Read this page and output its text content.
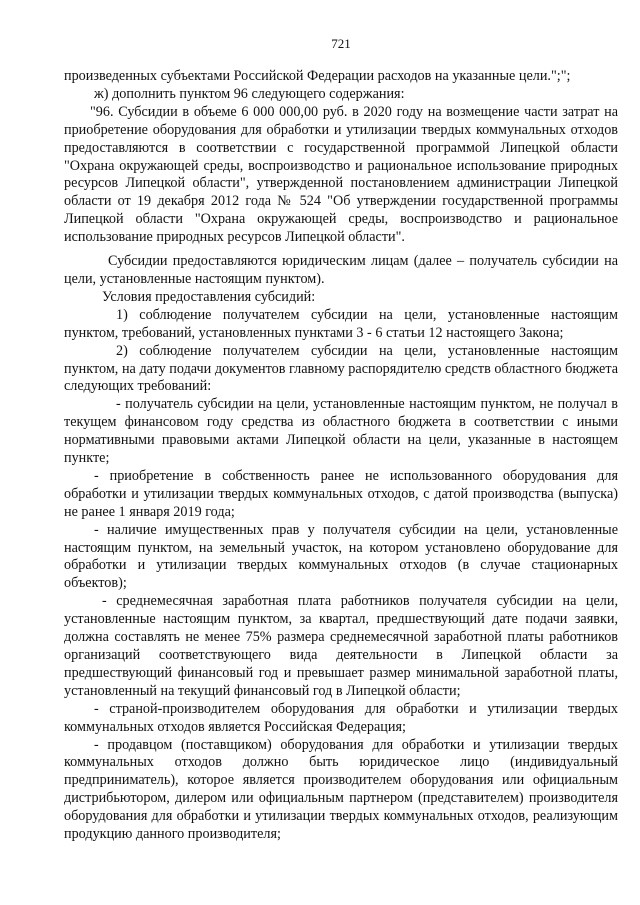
721

произведенных субъектами Российской Федерации расходов на указанные цели.";";

ж) дополнить пунктом 96 следующего содержания:

"96. Субсидии в объеме 6 000 000,00 руб. в 2020 году на возмещение части затрат на приобретение оборудования для обработки и утилизации твердых коммунальных отходов предоставляются в соответствии с государственной программой Липецкой области "Охрана окружающей среды, воспроизводство и рациональное использование природных ресурсов Липецкой области", утвержденной постановлением администрации Липецкой области от 19 декабря 2012 года № 524 "Об утверждении государственной программы Липецкой области "Охрана окружающей среды, воспроизводство и рациональное использование природных ресурсов Липецкой области".

Субсидии предоставляются юридическим лицам (далее – получатель субсидии на цели, установленные настоящим пунктом).

Условия предоставления субсидий:

1) соблюдение получателем субсидии на цели, установленные настоящим пунктом, требований, установленных пунктами 3 - 6 статьи 12 настоящего Закона;

2) соблюдение получателем субсидии на цели, установленные настоящим пунктом, на дату подачи документов главному распорядителю средств областного бюджета следующих требований:

- получатель субсидии на цели, установленные настоящим пунктом, не получал в текущем финансовом году средства из областного бюджета в соответствии с иными нормативными правовыми актами Липецкой области на цели, указанные в настоящем пункте;

- приобретение в собственность ранее не использованного оборудования для обработки и утилизации твердых коммунальных отходов, с датой производства (выпуска) не ранее 1 января 2019 года;

- наличие имущественных прав у получателя субсидии на цели, установленные настоящим пунктом, на земельный участок, на котором установлено оборудование для обработки и утилизации твердых коммунальных отходов (в случае стационарных объектов);

- среднемесячная заработная плата работников получателя субсидии на цели, установленные настоящим пунктом, за квартал, предшествующий дате подачи заявки, должна составлять не менее 75% размера среднемесячной заработной платы работников организаций соответствующего вида деятельности в Липецкой области за предшествующий финансовый год и превышает размер минимальной заработной платы, установленный на текущий финансовый год в Липецкой области;

- страной-производителем оборудования для обработки и утилизации твердых коммунальных отходов является Российская Федерация;

- продавцом (поставщиком) оборудования для обработки и утилизации твердых коммунальных отходов должно быть юридическое лицо (индивидуальный предприниматель), которое является производителем оборудования или официальным дистрибьютором, дилером или официальным партнером (представителем) производителя оборудования для обработки и утилизации твердых коммунальных отходов, реализующим продукцию данного производителя;
